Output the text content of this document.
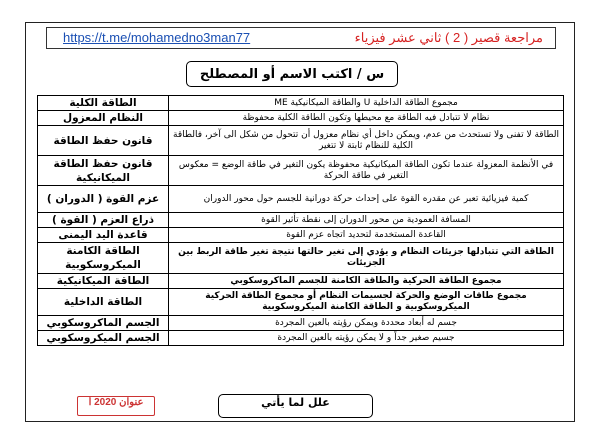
https://t.me/mohamedno3man77	مراجعة قصير ( 2 ) ثاني عشر فيزياء
س / اكتب الاسم أو المصطلح
مجموع الطاقة الداخلية U والطاقة الميكانيكية ME	الطاقة الكلية
نظام لا تتبادل فيه الطاقة مع محيطها وتكون الطاقة الكلية محفوظة	النظام المعزول
الطاقة لا تفنى ولا تستحدث من عدم، ويمكن داخل أي نظام معزول أن تتحول من شكل الى آخر، فالطاقة الكلية للنظام ثابتة لا تتغير	قانون حفظ الطاقة
في الأنظمة المعزولة عندما تكون الطاقة الميكانيكية محفوظة يكون التغير في طاقة الوضع = معكوس التغير في طاقة الحركة	قانون حفظ الطاقة الميكانيكية
كمية فيزيائية تعبر عن مقدره القوة على إحداث حركة دورانية للجسم حول محور الدوران	عزم القوة ( الدوران )
المسافة العمودية من محور الدوران إلى نقطة تأثير القوة	ذراع العزم ( القوة )
القاعدة المستخدمة لتحديد اتجاه عزم القوة	قاعدة اليد اليمنى
الطاقة التي تتبادلها جزيئات النظام و يؤدي إلى تغير حالتها نتيجة تغير طاقة الربط بين الجزيئات	الطاقة الكامنة الميكروسكوبية
مجموع الطاقة الحركية والطاقة الكامنة للجسم الماكروسكوبي	الطاقة الميكانيكية
مجموع طاقات الوضع والحركة لجسيمات النظام أو مجموع الطاقة الحركية الميكروسكوبية و الطاقة الكامنة الميكروسكوبية	الطاقة الداخلية
جسم له أبعاد محددة ويمكن رؤيته بالعين المجردة	الجسم الماكروسكوبي
جسيم صغير جداً و لا يمكن رؤيته بالعين المجردة	الجسم الميكروسكوبي
عنوان 2020 أ	علل لما يأتي
